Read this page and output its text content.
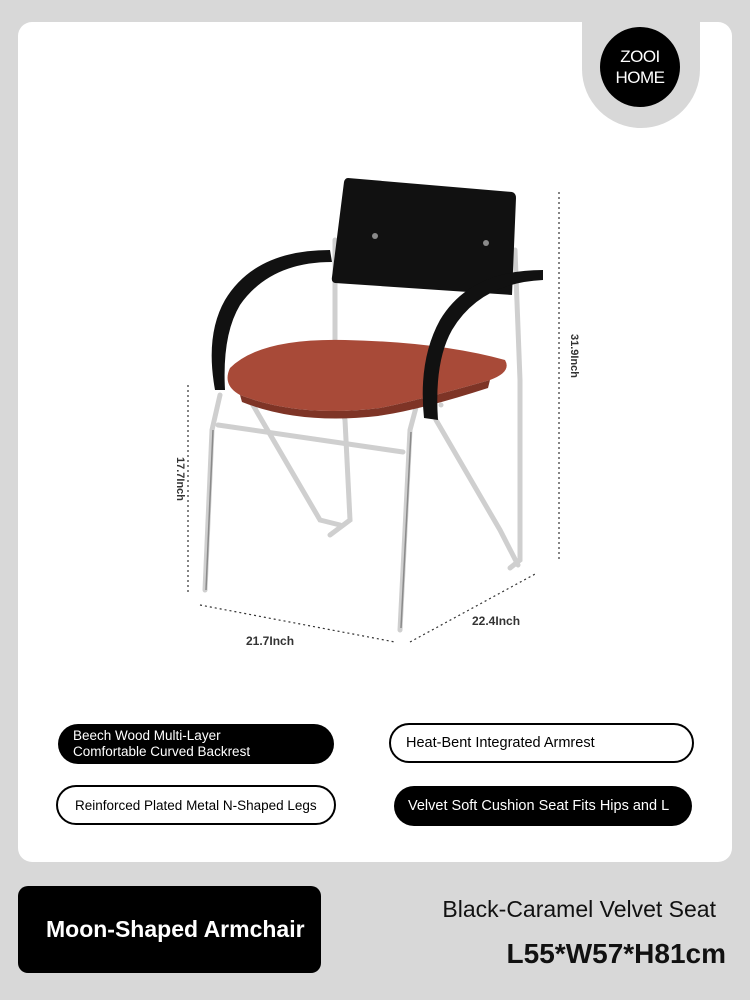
ZOOI
HOME
21.7Inch
22.4Inch
31.9Inch
17.7Inch
Beech Wood Multi-Layer
Comfortable Curved Backrest
Heat-Bent Integrated Armrest
Reinforced Plated Metal N-Shaped Legs	Velvet Soft Cushion Seat Fits Hips and L
Moon-Shaped Armchair
Black-Caramel Velvet Seat
L55*W57*H81cm
